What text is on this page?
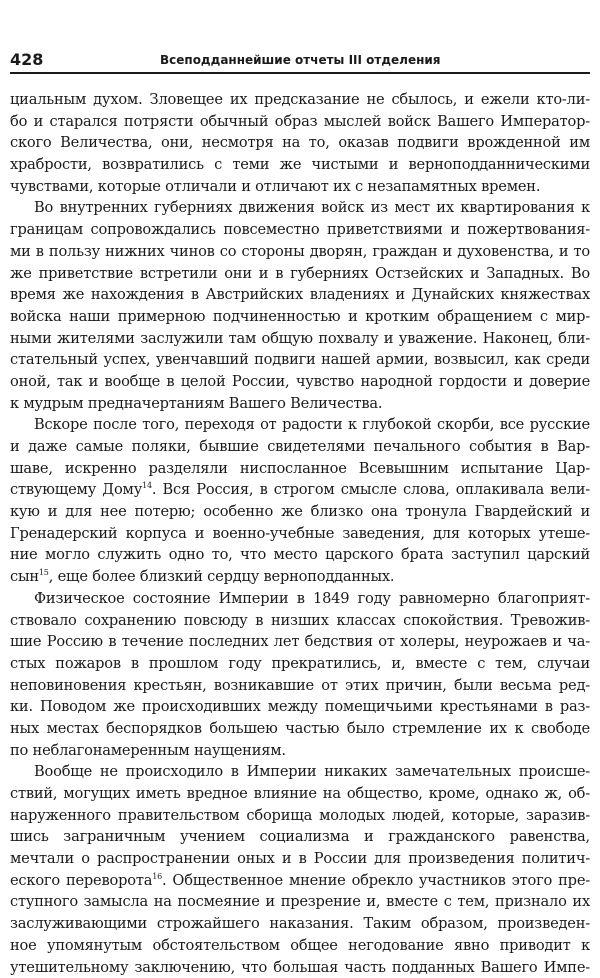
428	Всеподданнейшие отчеты III отделения
циальным духом. Зловещее их предсказание не сбылось, и ежели кто-ли-
бо и старался потрясти обычный образ мыслей войск Вашего Император-
ского Величества, они, несмотря на то, оказав подвиги врожденной им
храбрости, возвратились с теми же чистыми и верноподданническими
чувствами, которые отличали и отличают их с незапамятных времен.
Во внутренних губерниях движения войск из мест их квартирования к
границам сопровождались повсеместно приветствиями и пожертвования-
ми в пользу нижних чинов со стороны дворян, граждан и духовенства, и то
же приветствие встретили они и в губерниях Остзейских и Западных. Во
время же нахождения в Австрийских владениях и Дунайских княжествах
войска наши примерною подчиненностью и кротким обращением с мир-
ными жителями заслужили там общую похвалу и уважение. Наконец, бли-
стательный успех, увенчавший подвиги нашей армии, возвысил, как среди
оной, так и вообще в целой России, чувство народной гордости и доверие
к мудрым предначертаниям Вашего Величества.
Вскоре после того, переходя от радости к глубокой скорби, все русские
и даже самые поляки, бывшие свидетелями печального события в Вар-
шаве, искренно разделяли ниспосланное Всевышним испытание Цар-
ствующему Дому$^{14}$. Вся Россия, в строгом смысле слова, оплакивала вели-
кую и для нее потерю; особенно же близко она тронула Гвардейский и
Гренадерский корпуса и военно-учебные заведения, для которых утеше-
ние могло служить одно то, что место царского брата заступил царский
сын$^{15}$, еще более близкий сердцу верноподданных.
Физическое состояние Империи в 1849 году равномерно благоприят-
ствовало сохранению повсюду в низших классах спокойствия. Тревожив-
шие Россию в течение последних лет бедствия от холеры, неурожаев и ча-
стых пожаров в прошлом году прекратились, и, вместе с тем, случаи
неповиновения крестьян, возникавшие от этих причин, были весьма ред-
ки. Поводом же происходивших между помещичьими крестьянами в раз-
ных местах беспорядков большею частью было стремление их к свободе
по неблагонамеренным наущениям.
Вообще не происходило в Империи никаких замечательных происше-
ствий, могущих иметь вредное влияние на общество, кроме, однако ж, об-
наруженного правительством сборища молодых людей, которые, заразив-
шись заграничным учением социализма и гражданского равенства,
мечтали о распространении оных и в России для произведения политич-
еского переворота$^{16}$. Общественное мнение обрекло участников этого пре-
ступного замысла на посмеяние и презрение и, вместе с тем, признало их
заслуживающими строжайшего наказания. Таким образом, произведен-
ное упомянутым обстоятельством общее негодование явно приводит к
утешительному заключению, что большая часть подданных Вашего Импе-
